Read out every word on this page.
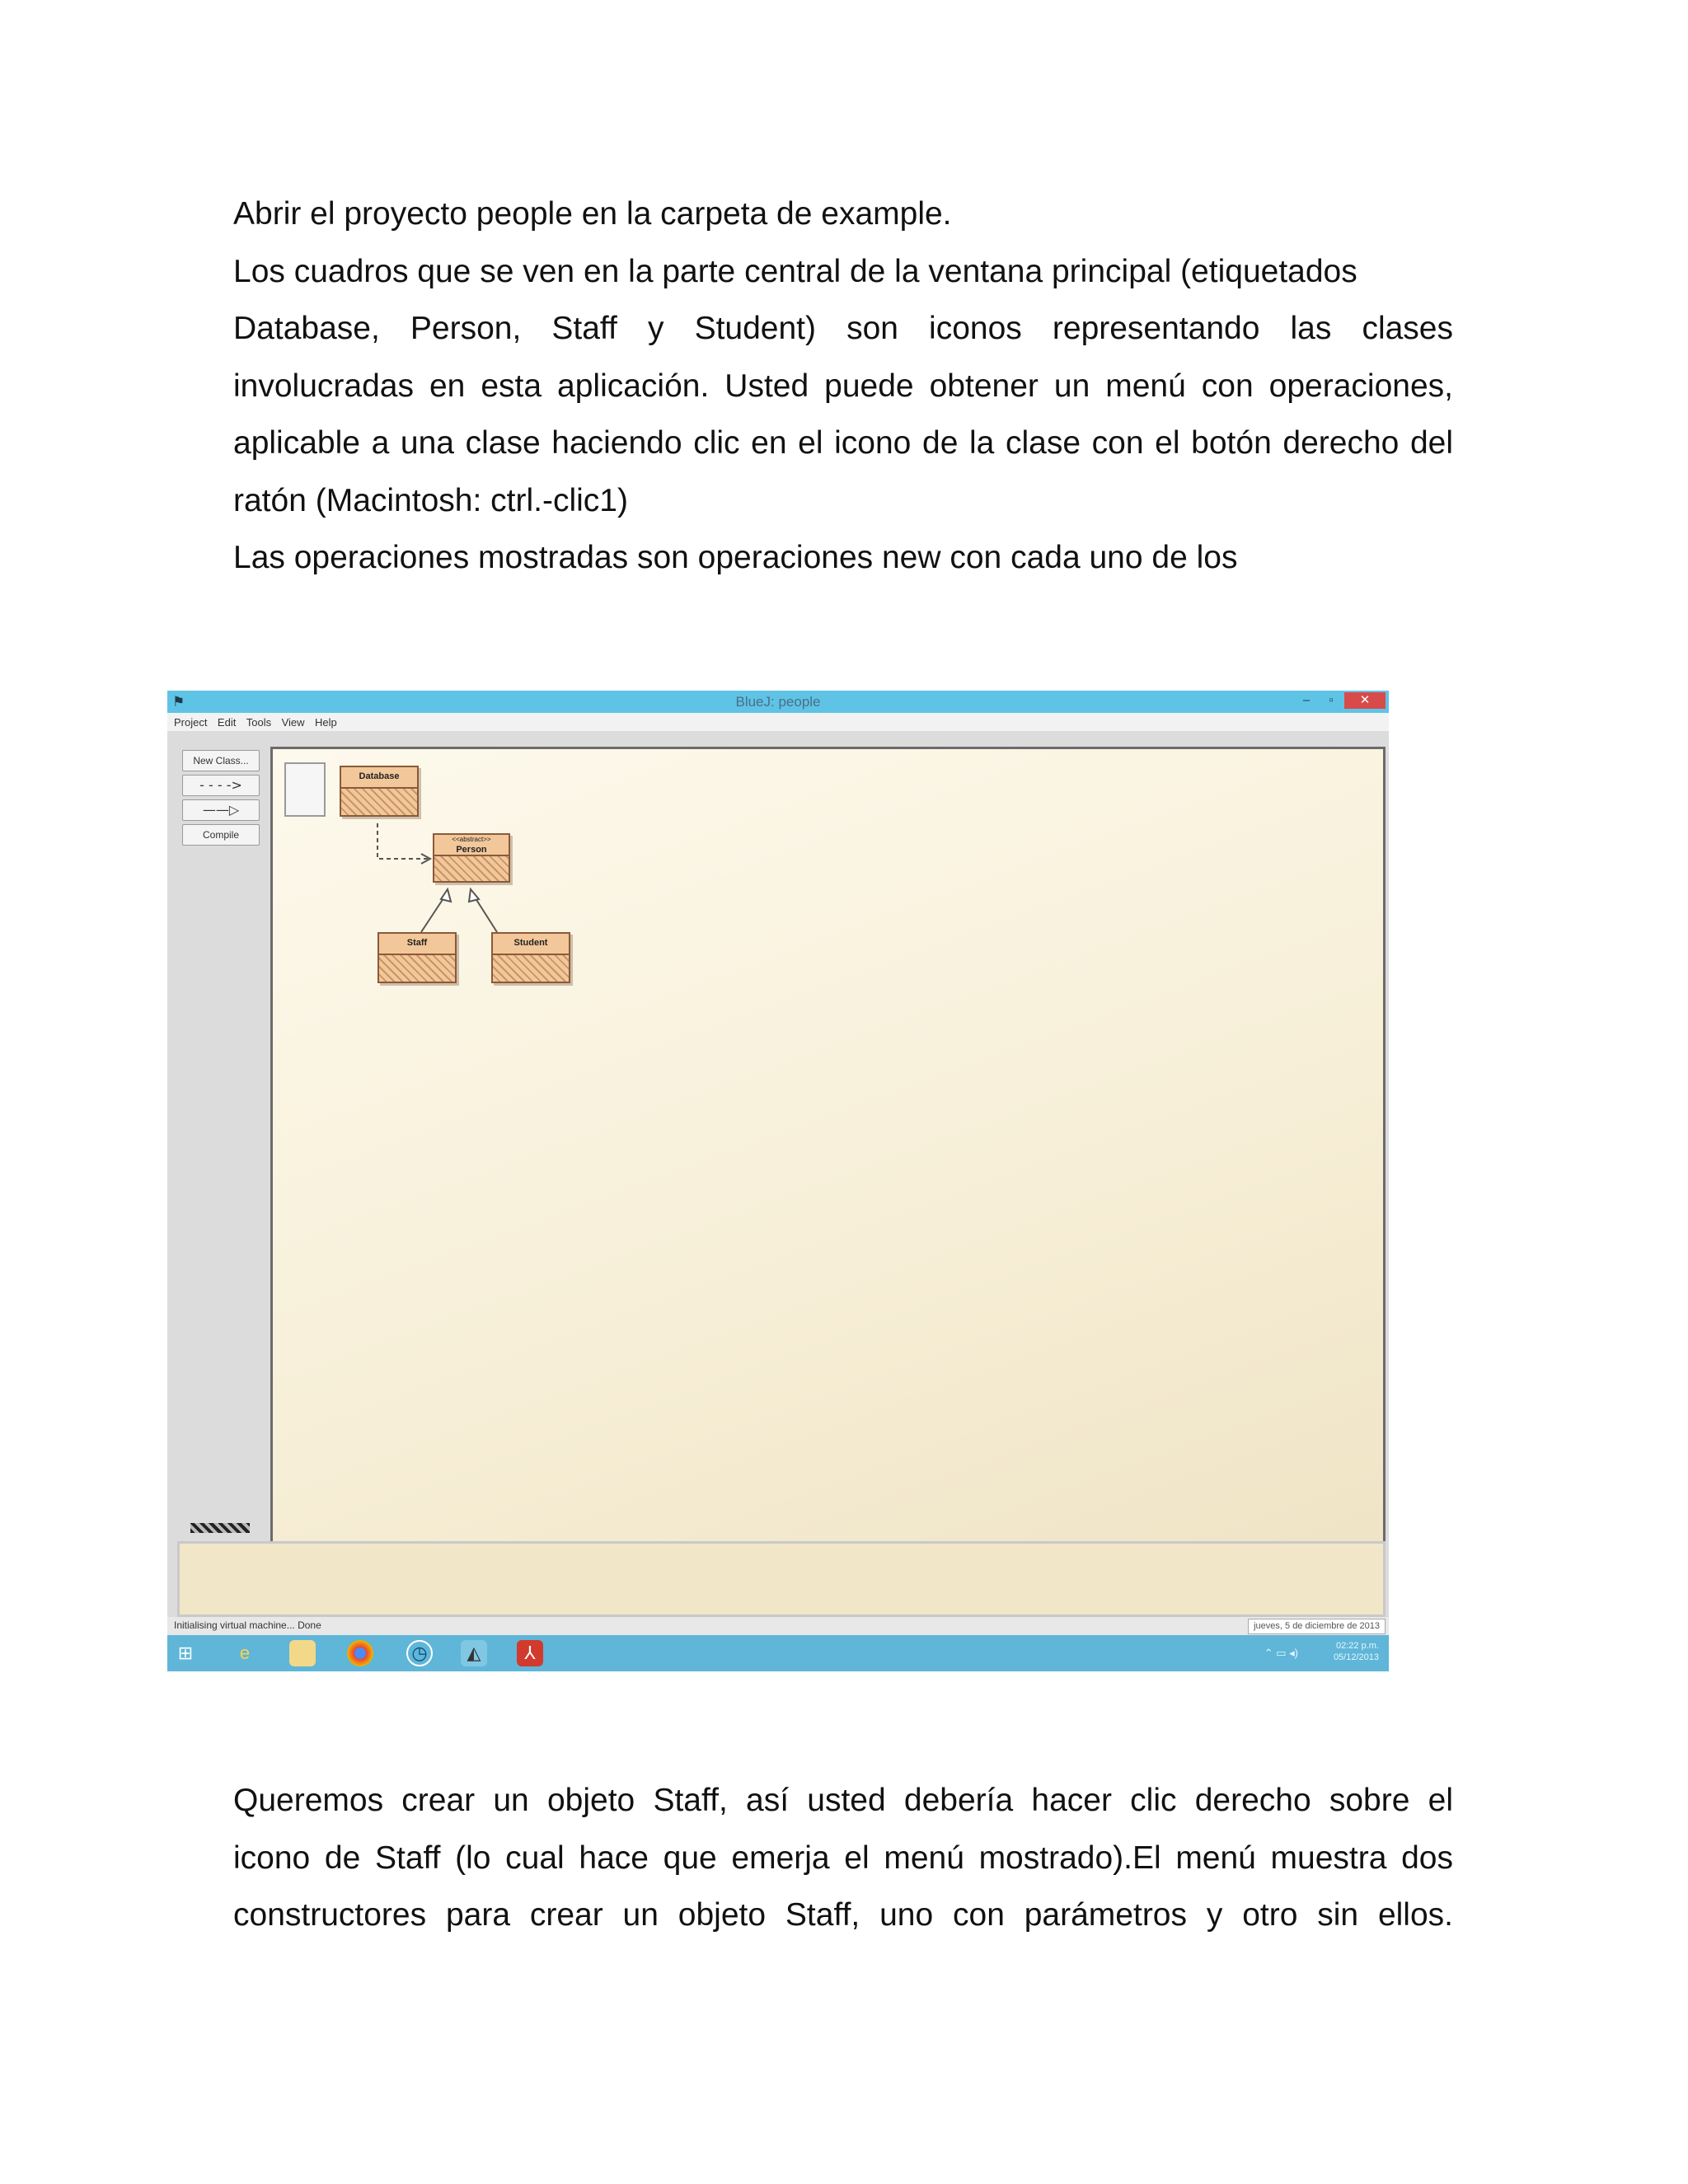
Abrir el proyecto people en la carpeta de example.
Los cuadros que se ven en la parte central de la ventana principal (etiquetados
Database, Person, Staff y Student) son iconos representando las clases
involucradas en esta aplicación. Usted puede obtener un menú con operaciones,
aplicable a una clase haciendo clic en el icono de la clase con el botón derecho del
ratón (Macintosh: ctrl.-clic1)
Las operaciones mostradas son operaciones new con cada uno de los
⚑	BlueJ: people	–	▫	✕
Project Edit Tools View Help
New Class...
- - - ->
——▷
Compile
Database
<<abstract>>
Person
Staff	Student
Initialising virtual machine... Done	jueves, 5 de diciembre de 2013
⊞	e	◷	◭	⅄	⌃ ▭ ◂)
02:22 p.m.
05/12/2013
Queremos crear un objeto Staff, así usted debería hacer clic derecho sobre el
icono de Staff (lo cual hace que emerja el menú mostrado).El menú muestra dos
constructores para crear un objeto Staff, uno con parámetros y otro sin ellos.
